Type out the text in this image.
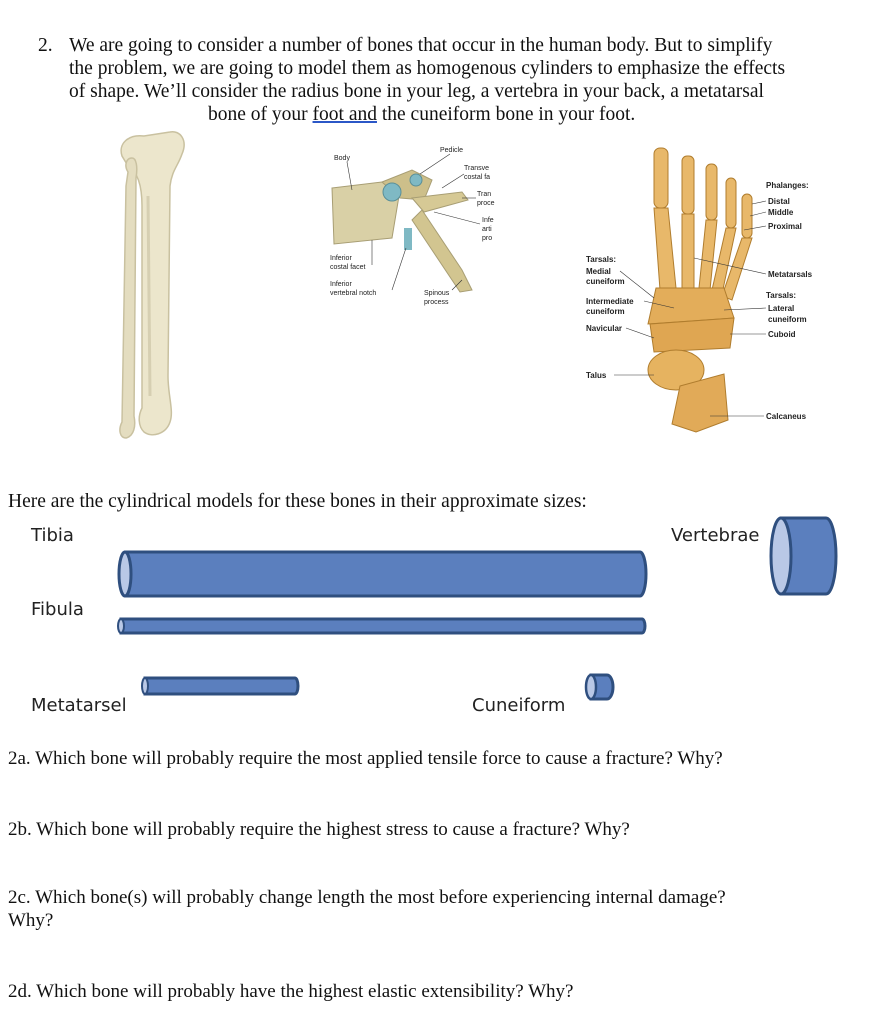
2. We are going to consider a number of bones that occur in the human body. But to simplify
the problem, we are going to model them as homogenous cylinders to emphasize the effects
of shape. We’ll consider the radius bone in your leg, a vertebra in your back, a metatarsal
bone of your foot and the cuneiform bone in your foot.
Body
Pedicle
Transve
costal fa
Tran
proce
Infe
arti
pro
Inferior
costal facet
Inferior
vertebral notch	Spinous
process
Tarsals:
Medial
cuneiform
Intermediate
cuneiform
Navicular
Talus
Phalanges:
Distal
Middle
Proximal
Metatarsals
Tarsals:
Lateral
cuneiform
Cuboid
Calcaneus
Here are the cylindrical models for these bones in their approximate sizes:
Tibia	Vertebrae
Fibula
Metatarsel	Cuneiform
2a. Which bone will probably require the most applied tensile force to cause a fracture? Why?
2b. Which bone will probably require the highest stress to cause a fracture? Why?
2c. Which bone(s) will probably change length the most before experiencing internal damage?
Why?
2d. Which bone will probably have the highest elastic extensibility? Why?
